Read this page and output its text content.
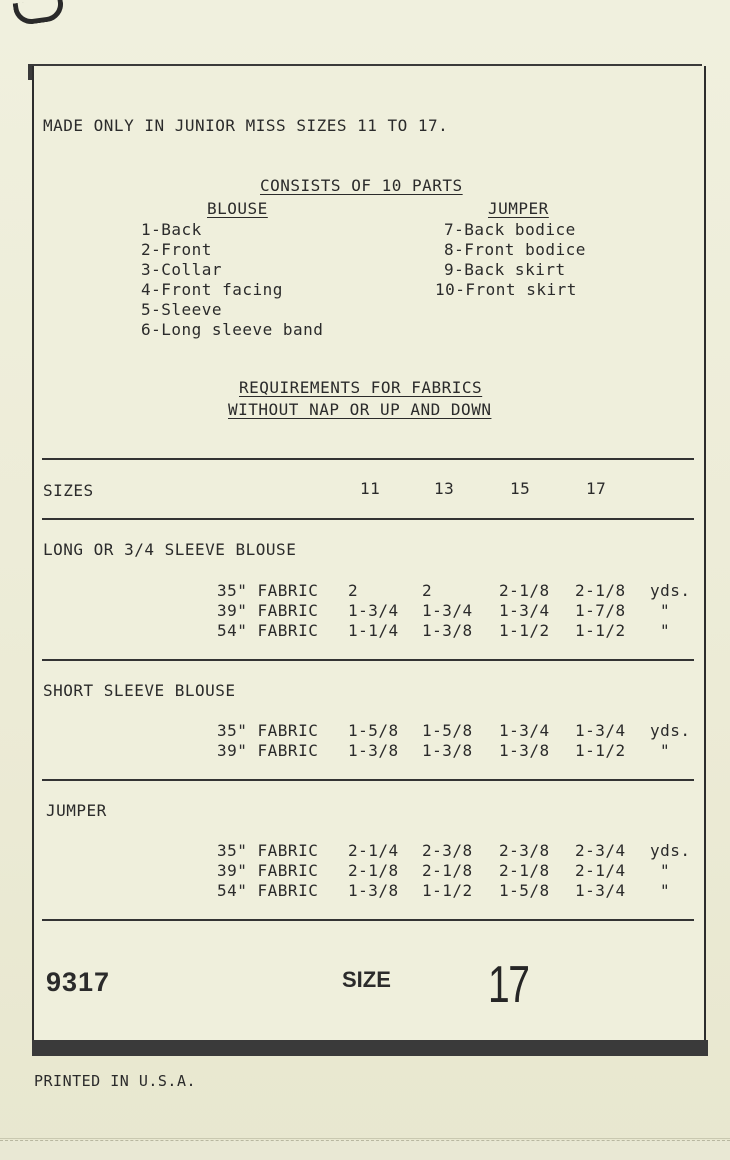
MADE ONLY IN JUNIOR MISS SIZES 11 TO 17.
CONSISTS OF 10 PARTS
BLOUSE	JUMPER
1-Back
2-Front
3-Collar
4-Front facing
5-Sleeve
6-Long sleeve band
7-Back bodice
8-Front bodice
9-Back skirt
10-Front skirt
REQUIREMENTS FOR FABRICS
WITHOUT NAP OR UP AND DOWN
SIZES	11	13	15	17
LONG OR 3/4 SLEEVE BLOUSE
35" FABRIC 2	2	2-1/8 2-1/8 yds.
39" FABRIC 1-3/4 1-3/4 1-3/4 1-7/8 "
54" FABRIC 1-1/4 1-3/8 1-1/2 1-1/2 "
SHORT SLEEVE BLOUSE
35" FABRIC 1-5/8 1-5/8 1-3/4 1-3/4 yds.
39" FABRIC 1-3/8 1-3/8 1-3/8 1-1/2 "
JUMPER
35" FABRIC 2-1/4 2-3/8 2-3/8 2-3/4 yds.
39" FABRIC 2-1/8 2-1/8 2-1/8 2-1/4 "
54" FABRIC 1-3/8 1-1/2 1-5/8 1-3/4 "
9317	SIZE 17
PRINTED IN U.S.A.
